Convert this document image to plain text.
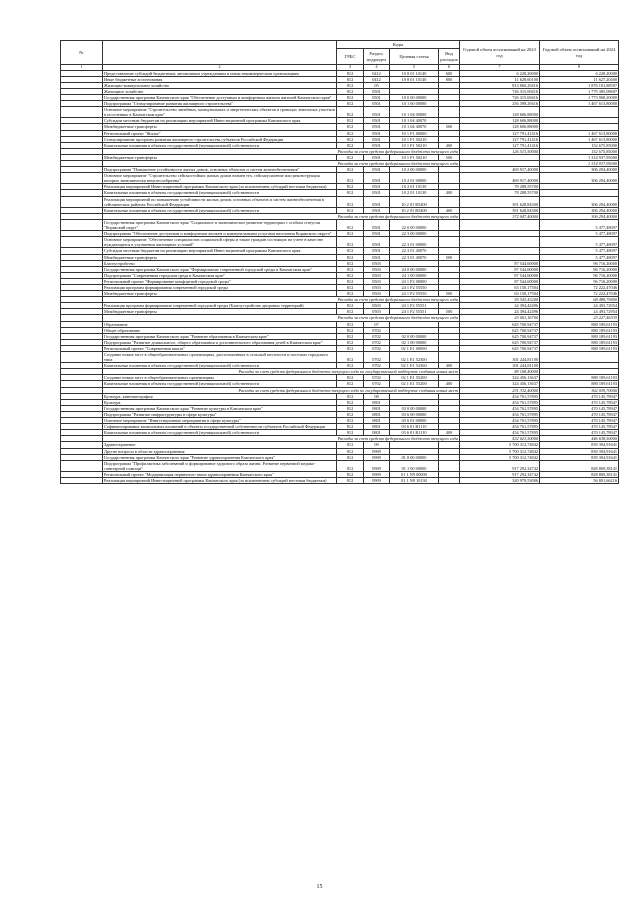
№		Коды				Годовой объем ассигнований на 2023 год	Годовой объем ассигнований на 2024 год
		ГРБС	Раздел, подраздел	Целевая статья	Вид расходов		
1	2	3	4	5	6	7	8
	Предоставление субсидий бюджетным, автономным учреждениям и иным некоммерческим организациям	812	0412	10 8 01 10140	600	6 228,20000	6 228,20000
	Иные бюджетные ассигнования	812	0412	10 8 01 10140	800	11 628,60100	11 627,20400
	Жилищно-коммунальное хозяйство	812	05			813 860,29416	1 876 101,88597
	Жилищное хозяйство	812	0501			726 315,69416	1 779 385,08697
	Государственная программа Камчатского края "Обеспечение доступным и комфортным жильем жителей Камчатского края"	812	0501	10 0 00 00000		726 315,69416	1 773 908,20000
	Подпрограмма "Стимулирование развития жилищного строительства"	812	0501	10 1 00 00000		256 398,29416	1 467 613,80000
	Основное мероприятие "Строительство линейных, коммунальных и энергетических объектов в границах земельных участков в поселениях в Камчатском крае"	812	0501	10 1 04 00000		128 606,88000	
	Субсидии местным бюджетам на реализацию мероприятий Инвестиционной программы Камчатского края	812	0501	10 1 04 40070		128 606,88000	
	Межбюджетные трансферты	812	0501	10 1 04 40070	500	128 606,88000	
	Региональный проект "Жилье"	812	0501	10 1 F1 00000		127 791,41416	1 467 613,80000
	Стимулирование программ развития жилищного строительства субъектов Российской Федерации	812	0501	10 1 F1 50210		127 791,41416	1 467 613,80000
	Капитальные вложения в объекты государственной (муниципальной) собственности	812	0501	10 1 F1 50210	400	127 791,41416	152 675,85000
	Расходы за счет средств федерального бюджета текущего года					126 513,50000	152 675,85000
	Межбюджетные трансферты	812	0501	10 1 F1 50210	500		1 314 937,95000
	Расходы за счет средств федерального бюджета текущего года						1 314 937,95000
	Подпрограмма "Повышение устойчивости жилых домов, основных объектов и систем жизнеобеспечения"	812	0501	10 2 00 00000		469 917,40000	306 294,40000
	Основное мероприятие "Строительство сейсмостойких жилых домов взамен тех, сейсмоусиление или реконструкция которых экономически нецелесообразны"	812	0501	10 2 01 00000		469 917,40000	306 294,40000
	Реализация мероприятий Инвестиционной программы Камчатского края (за исключением субсидий местным бюджетам)	812	0501	10 2 01 10130		78 288,55700	
	Капитальные вложения в объекты государственной (муниципальной) собственности	812	0501	10 2 01 10130	400	78 288,55700	
	Реализация мероприятий по повышению устойчивости жилых домов, основных объектов и систем жизнеобеспечения в сейсмических районах Российской Федерации	812	0501	10 2 01 R5400		391 628,84300	306 294,40000
	Капитальные вложения в объекты государственной (муниципальной) собственности	812	0501	10 2 01 R5400	400	391 628,84300	306 294,40000
	Расходы за счет средств федерального бюджета текущего года					372 047,40000	306 294,40000
	Государственная программа Камчатского края "Социальное и экономическое развитие территории с особым статусом "Корякский округ"	812	0501	22 0 00 00000			5 477,48097
	Подпрограмма "Обеспечение доступным и комфортным жильем и коммунальными услугами населения Корякского округа"	812	0501	22 3 00 00000			5 477,48097
	Основное мероприятие "Обеспечение специалистов социальной сферы и также граждан состоящих на учете в качестве нуждающихся в улучшении жилищных условий"	812	0501	22 3 01 00000			5 477,48097
	Субсидии местным бюджетам на реализацию мероприятий Инвестиционной программы Камчатского края	812	0501	22 3 01 40070			5 477,48097
	Межбюджетные трансферты	812	0501	22 3 01 40070	500		5 477,48097
	Благоустройство	812	0503			87 544,60000	96 716,20000
	Государственная программа Камчатского края "Формирование современной городской среды в Камчатском крае"	812	0503	24 0 00 00000		87 544,60000	96 716,20000
	Подпрограмма "Современная городская среда в Камчатском крае"	812	0503	24 1 00 00000		87 544,60000	96 716,20000
	Региональный проект "Формирование комфортной городской среды"	812	0503	24 1 F2 00000		87 544,60000	96 716,20000
	Реализация программ формирования современной городской среды	812	0503	24 1 F2 55550		63 150,17504	72 222,47046
	Межбюджетные трансферты	812	0503	24 1 F2 55550	500	63 150,17504	72 222,47046
	Расходы за счет средств федерального бюджета текущего года					59 543,43200	68 488,75800
	Реализация программ формирования современной городской среды (Благоустройство дворовых территорий)	812	0503	24 1 F2 55551		24 394,42496	24 493,72954
	Межбюджетные трансферты	812	0503	24 1 F2 55551	500	24 394,42496	24 493,72954
	Расходы за счет средств федерального бюджета текущего года					23 001,16700	23 227,46335
	Образование	812	07			625 700,94737	880 189,61193
	Общее образование	812	0702			625 700,94737	880 189,61193
	Государственная программа Камчатского края "Развитие образования в Камчатском крае"	812	0702	02 0 00 00000		625 700,94737	880 189,61193
	Подпрограмма "Развитие дошкольного, общего образования и дополнительного образования детей в Камчатском крае"	812	0702	02 1 00 00000		625 700,94737	880 189,61193
	Региональный проект "Современная школа"	812	0702	02 1 E1 00000		625 700,94737	880 189,61193
	Создание новых мест в общеобразовательных организациях, расположенных в сельской местности и поселках городского типа	812	0702	02 1 E1 52300		301 244,81100	
	Капитальные вложения в объекты государственной (муниципальной) собственности	812	0702	02 1 E1 52300	400	301 244,81100	
	Расходы за счет средств федерального бюджета текущего года по государственной поддержке создания новых мест					89 168,40000	
	Создание новых мест в общеобразовательных организациях	812	0702	02 1 E1 55200		324 456,13637	880 189,61193
	Капитальные вложения в объекты государственной (муниципальной) собственности	812	0702	02 1 E1 55200	400	324 456,13637	880 189,61193
	Расходы за счет средств федерального бюджета текущего года по государственной поддержке создания новых мест					231 332,40000	362 039,70000
	Культура, кинематография	812	08			454 761,57895	470 145,78947
	Культура	812	0801			454 761,57895	470 145,78947
	Государственная программа Камчатского края "Развитие культуры в Камчатском крае"	812	0801	03 0 00 00000		454 761,57895	470 145,78947
	Подпрограмма "Развитие инфраструктуры в сфере культуры"	812	0801	03 6 00 00000		454 761,57895	470 145,78947
	Основное мероприятие "Инвестиционные мероприятия в сфере культуры"	812	0801	03 6 01 00000		454 761,57895	470 145,78947
	Софинансирование капитальных вложений в объекты государственной собственности субъектов Российской Федерации	812	0801	03 6 01 R1110		454 761,57895	470 145,78947
	Капитальные вложения в объекты государственной (муниципальной) собственности	812	0801	03 6 01 R1110	400	454 761,57895	470 145,78947
	Расходы за счет средств федерального бюджета текущего года					432 023,50000	446 638,50000
	Здравоохранение	812	09			5 700 312,74842	839 394,91641
	Другие вопросы в области здравоохранения	812	0909			5 700 312,74842	839 394,91641
	Государственная программа Камчатского края "Развитие здравоохранения Камчатского края"	812	0909	01 0 00 00000		5 700 312,74842	839 394,91641
	Подпрограмма "Профилактика заболеваний и формирование здорового образа жизни. Развитие первичной медико-санитарной помощи"	812	0909	01 1 00 00000		917 292,34742	828 869,38141
	Региональный проект "Модернизация первичного звена здравоохранения Камчатского края"	812	0909	01 1 N9 00000		917 292,34742	828 869,38141
	Реализация мероприятий Инвестиционной программы Камчатского края (за исключением субсидий местным бюджетам)	812	0909	01 1 N9 10130		320 979,53006	56 801,66216
15
